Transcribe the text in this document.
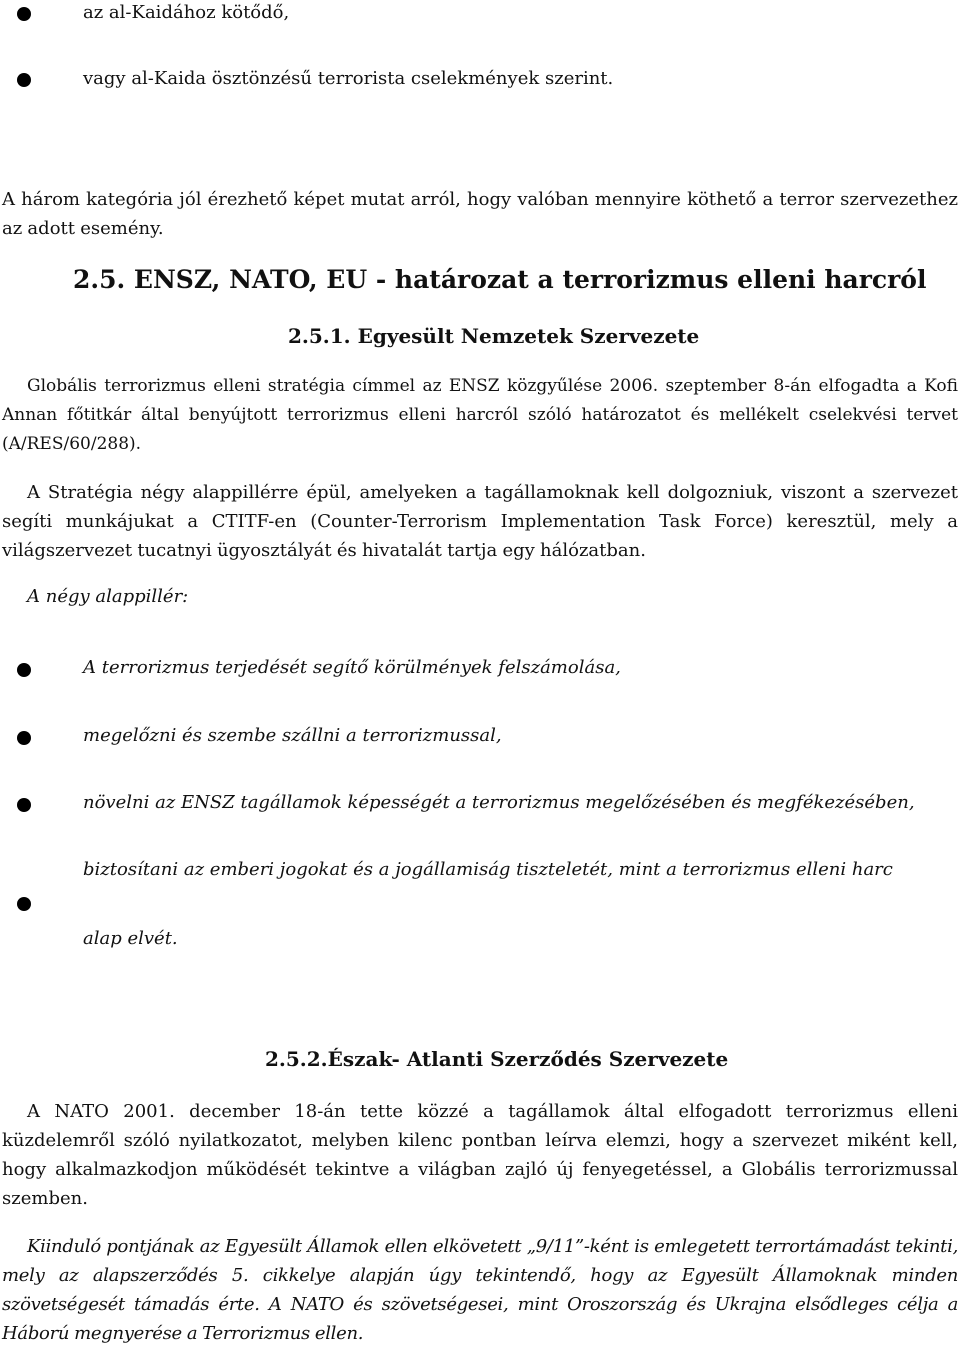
az al-Kaidához kötődő,
vagy al-Kaida ösztönzésű terrorista cselekmények szerint.
A három kategória jól érezhető képet mutat arról, hogy valóban mennyire köthető a terror szervezethez az adott esemény.
2.5. ENSZ, NATO, EU - határozat a terrorizmus elleni harcról
2.5.1. Egyesült Nemzetek Szervezete
Globális terrorizmus elleni stratégia címmel az ENSZ közgyűlése 2006. szeptember 8-án elfogadta a Kofi Annan főtitkár által benyújtott terrorizmus elleni harcról szóló határozatot és mellékelt cselekvési tervet (A/RES/60/288).
A Stratégia négy alappillérre épül, amelyeken a tagállamoknak kell dolgozniuk, viszont a szervezet segíti munkájukat a CTITF-en (Counter-Terrorism Implementation Task Force) keresztül, mely a világszervezet tucatnyi ügyosztályát és hivatalát tartja egy hálózatban.
A négy alappillér:
A terrorizmus terjedését segítő körülmények felszámolása,
megelőzni és szembe szállni a terrorizmussal,
növelni az ENSZ tagállamok képességét a terrorizmus megelőzésében és megfékezésében,
biztosítani az emberi jogokat és a jogállamiság tiszteletét, mint a terrorizmus elleni harc
alap elvét.
2.5.2.Észak- Atlanti Szerződés Szervezete
A NATO 2001. december 18-án tette közzé a tagállamok által elfogadott terrorizmus elleni küzdelemről szóló nyilatkozatot, melyben kilenc pontban leírva elemzi, hogy a szervezet miként kell, hogy alkalmazkodjon működését tekintve a világban zajló új fenyegetéssel, a Globális terrorizmussal szemben.
Kiinduló pontjának az Egyesült Államok ellen elkövetett „9/11”-ként is emlegetett terrortámadást tekinti, mely az alapszerződés 5. cikkelye alapján úgy tekintendő, hogy az Egyesült Államoknak minden szövetségesét támadás érte. A NATO és szövetségesei, mint Oroszország és Ukrajna elsődleges célja a Háború megnyerése a Terrorizmus ellen.
